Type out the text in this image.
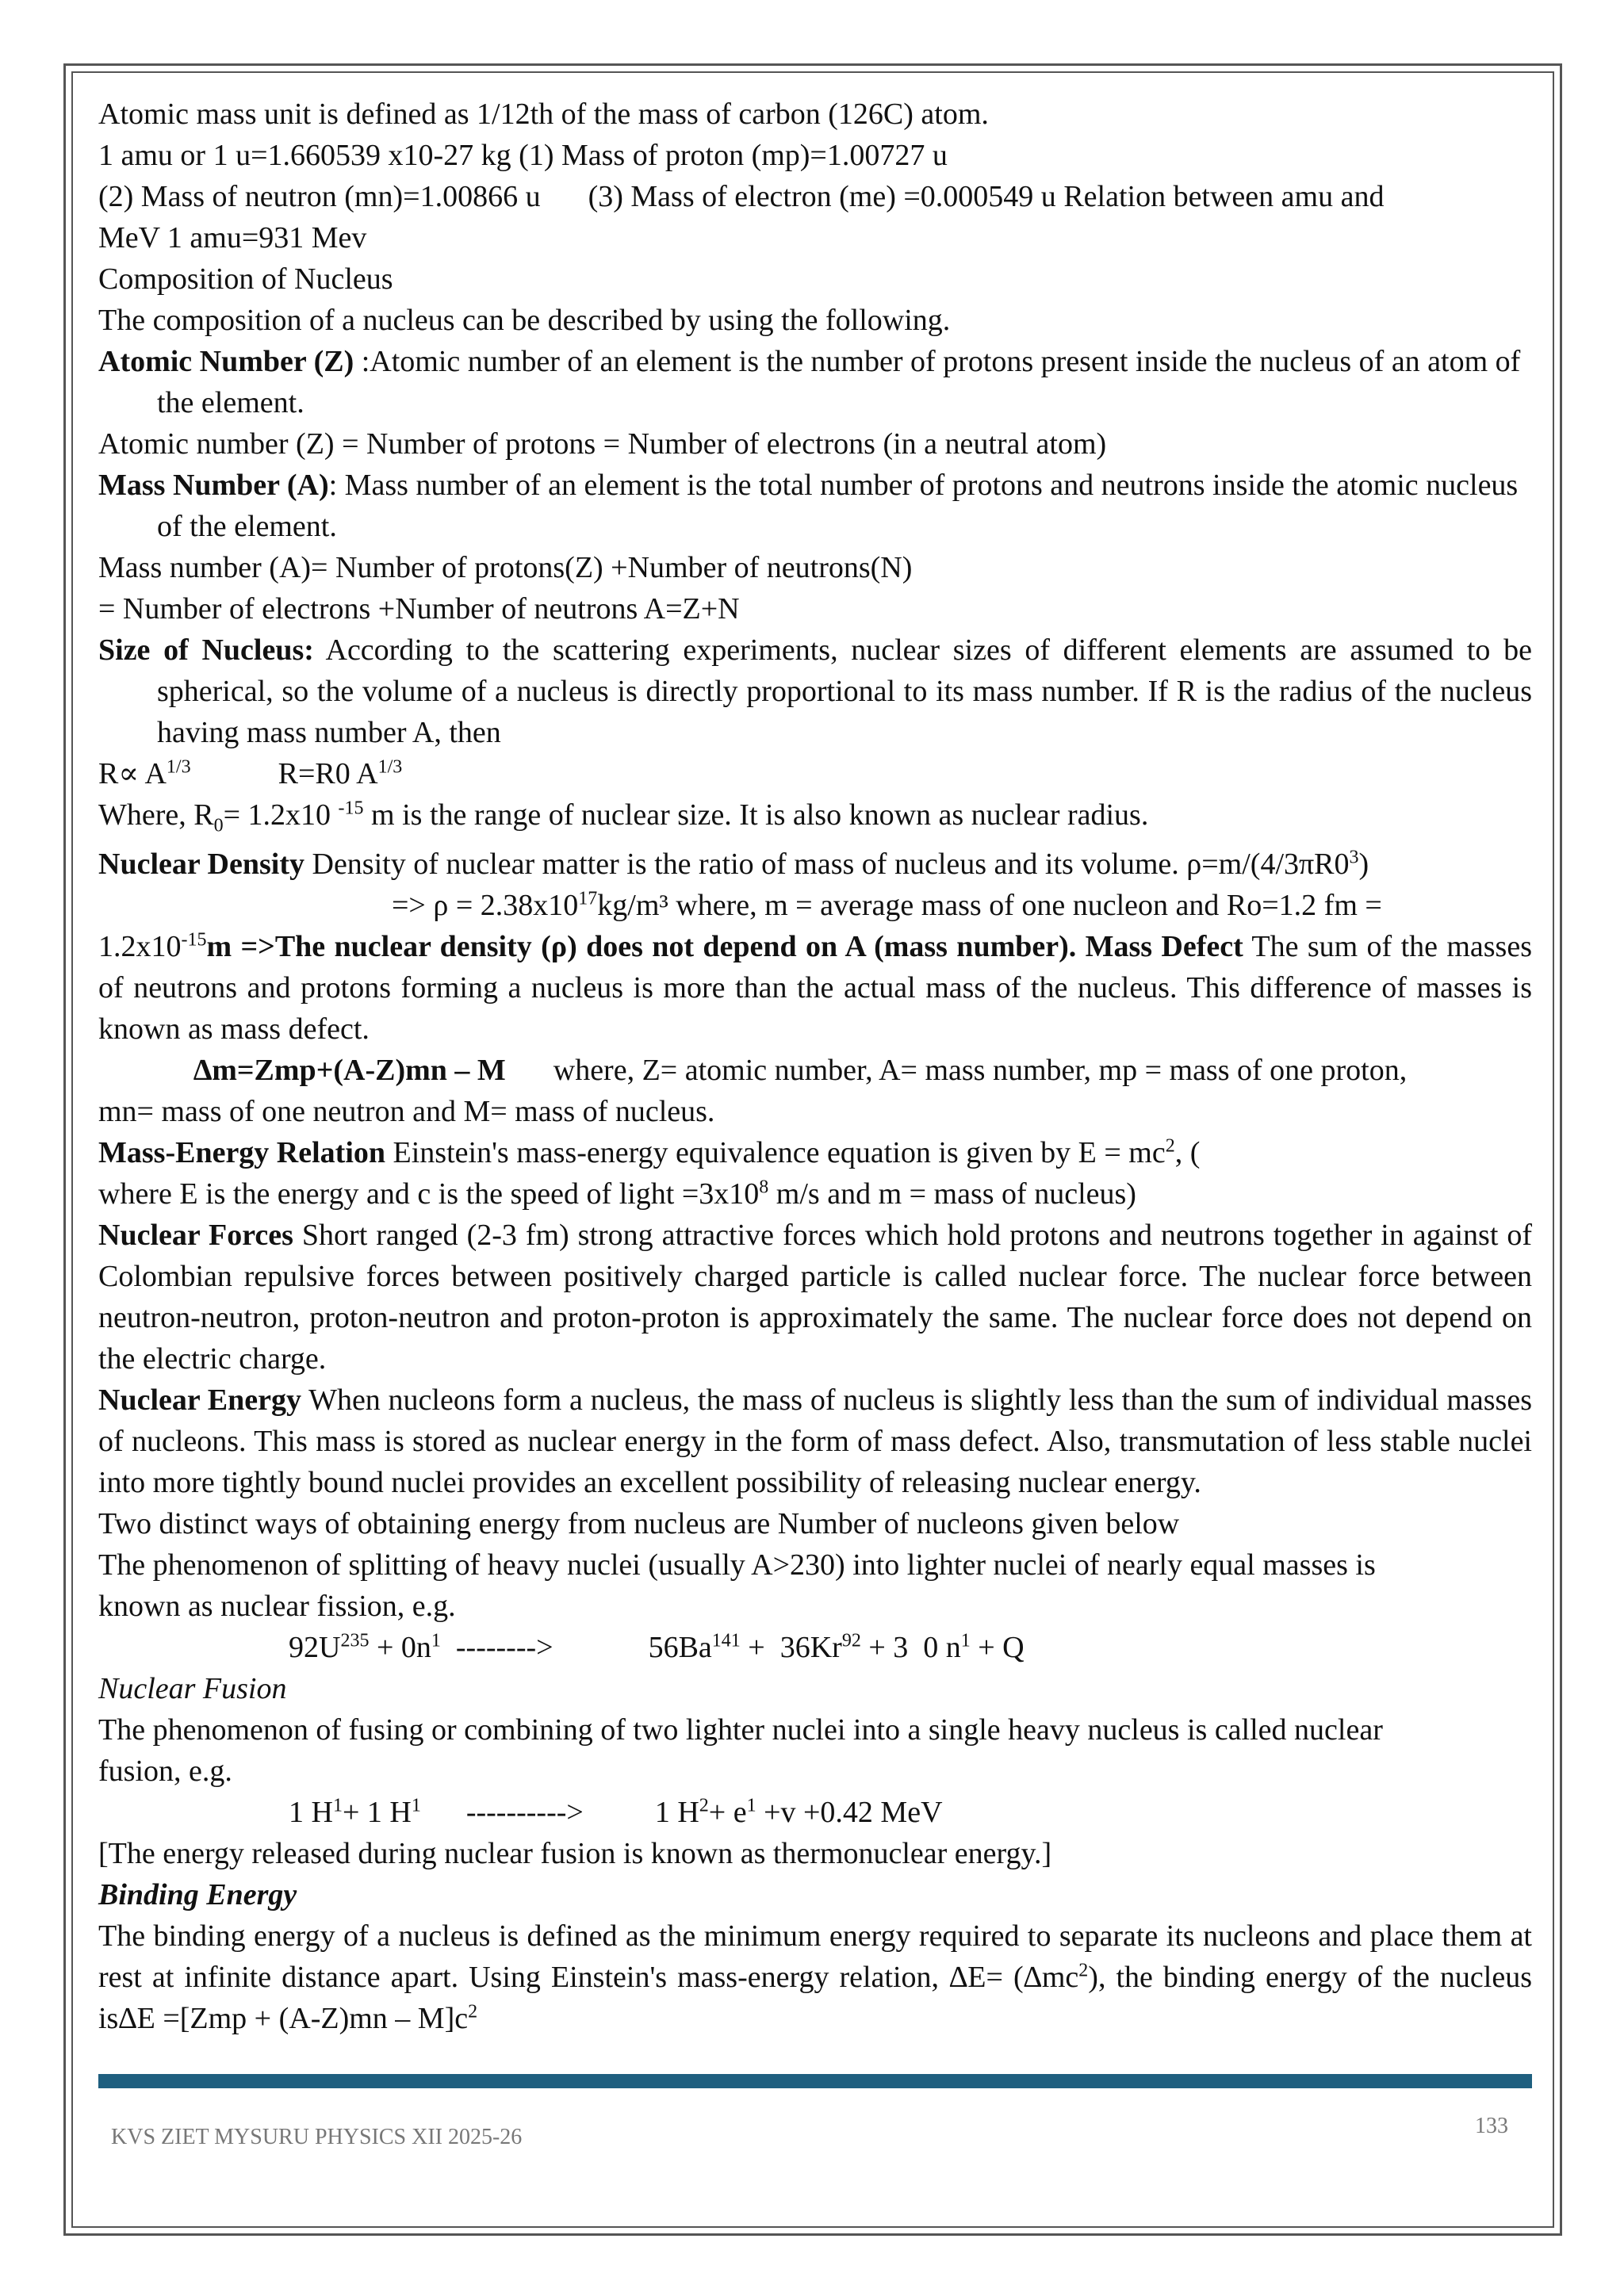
Atomic mass unit is defined as 1/12th of the mass of carbon (126C) atom.

1 amu or 1 u=1.660539 x10-27 kg (1) Mass of proton (mp)=1.00727 u

(2) Mass of neutron (mn)=1.00866 u (3) Mass of electron (me) =0.000549 u Relation between amu and

MeV 1 amu=931 Mev

Composition of Nucleus

The composition of a nucleus can be described by using the following.

Atomic Number (Z) :Atomic number of an element is the number of protons present inside the nucleus of an atom of the element.

Atomic number (Z) = Number of protons = Number of electrons (in a neutral atom)

Mass Number (A): Mass number of an element is the total number of protons and neutrons inside the atomic nucleus of the element.

Mass number (A)= Number of protons(Z) +Number of neutrons(N)

= Number of electrons +Number of neutrons A=Z+N

Size of Nucleus: According to the scattering experiments, nuclear sizes of different elements are assumed to be spherical, so the volume of a nucleus is directly proportional to its mass number. If R is the radius of the nucleus having mass number A, then

$R\propto A^{1/3}$	R=R0 $A^{1/3}$

Where, $R_0= 1.2x10$ $^{-15}$ m is the range of nuclear size. It is also known as nuclear radius.

Nuclear Density Density of nuclear matter is the ratio of mass of nucleus and its volume. $\rho=m/(4/3\pi R0^3)$

=> $\rho = 2.38x10^{17}kg/m^3$ where, m = average mass of one nucleon and Ro=1.2 fm =

$1.2x10^{-15}m =>The$ nuclear density (ρ) does not depend on A (mass number). Mass Defect The sum of the masses of neutrons and protons forming a nucleus is more than the actual mass of the nucleus. This difference of masses is known as mass defect.

∆m=Zmp+(A-Z)mn – M where, Z= atomic number, A= mass number, mp = mass of one proton,

mn= mass of one neutron and M= mass of nucleus.

Mass-Energy Relation Einstein's mass-energy equivalence equation is given by $E = mc^2$, (

where E is the energy and c is the speed of light $=3x10^8$ m/s and m = mass of nucleus)

Nuclear Forces Short ranged (2-3 fm) strong attractive forces which hold protons and neutrons together in against of Colombian repulsive forces between positively charged particle is called nuclear force. The nuclear force between neutron-neutron, proton-neutron and proton-proton is approximately the same. The nuclear force does not depend on the electric charge.

Nuclear Energy When nucleons form a nucleus, the mass of nucleus is slightly less than the sum of individual masses of nucleons. This mass is stored as nuclear energy in the form of mass defect. Also, transmutation of less stable nuclei into more tightly bound nuclei provides an excellent possibility of releasing nuclear energy.

Two distinct ways of obtaining energy from nucleus are Number of nucleons given below

The phenomenon of splitting of heavy nuclei (usually A>230) into lighter nuclei of nearly equal masses is known as nuclear fission, e.g.

$92U^{235} + 0n^1$  -------->	$56Ba^{141} + 36Kr^{92} + 3$  0 $n^1 + Q$

Nuclear Fusion

The phenomenon of fusing or combining of two lighter nuclei into a single heavy nucleus is called nuclear fusion, e.g.

1 $H^1+ 1$ $H^1$      ----------> 1 $H^2+ e^1 +v +0.42$ MeV

[The energy released during nuclear fusion is known as thermonuclear energy.]

Binding Energy

The binding energy of a nucleus is defined as the minimum energy required to separate its nucleons and place them at rest at infinite distance apart. Using Einstein's mass-energy relation, $\Delta E= (\Delta mc^2)$, the binding energy of the nucleus $is\Delta E =[Zmp + (A-Z)mn - M]c^2$

KVS ZIET MYSURU PHYSICS XII 2025-26	133
